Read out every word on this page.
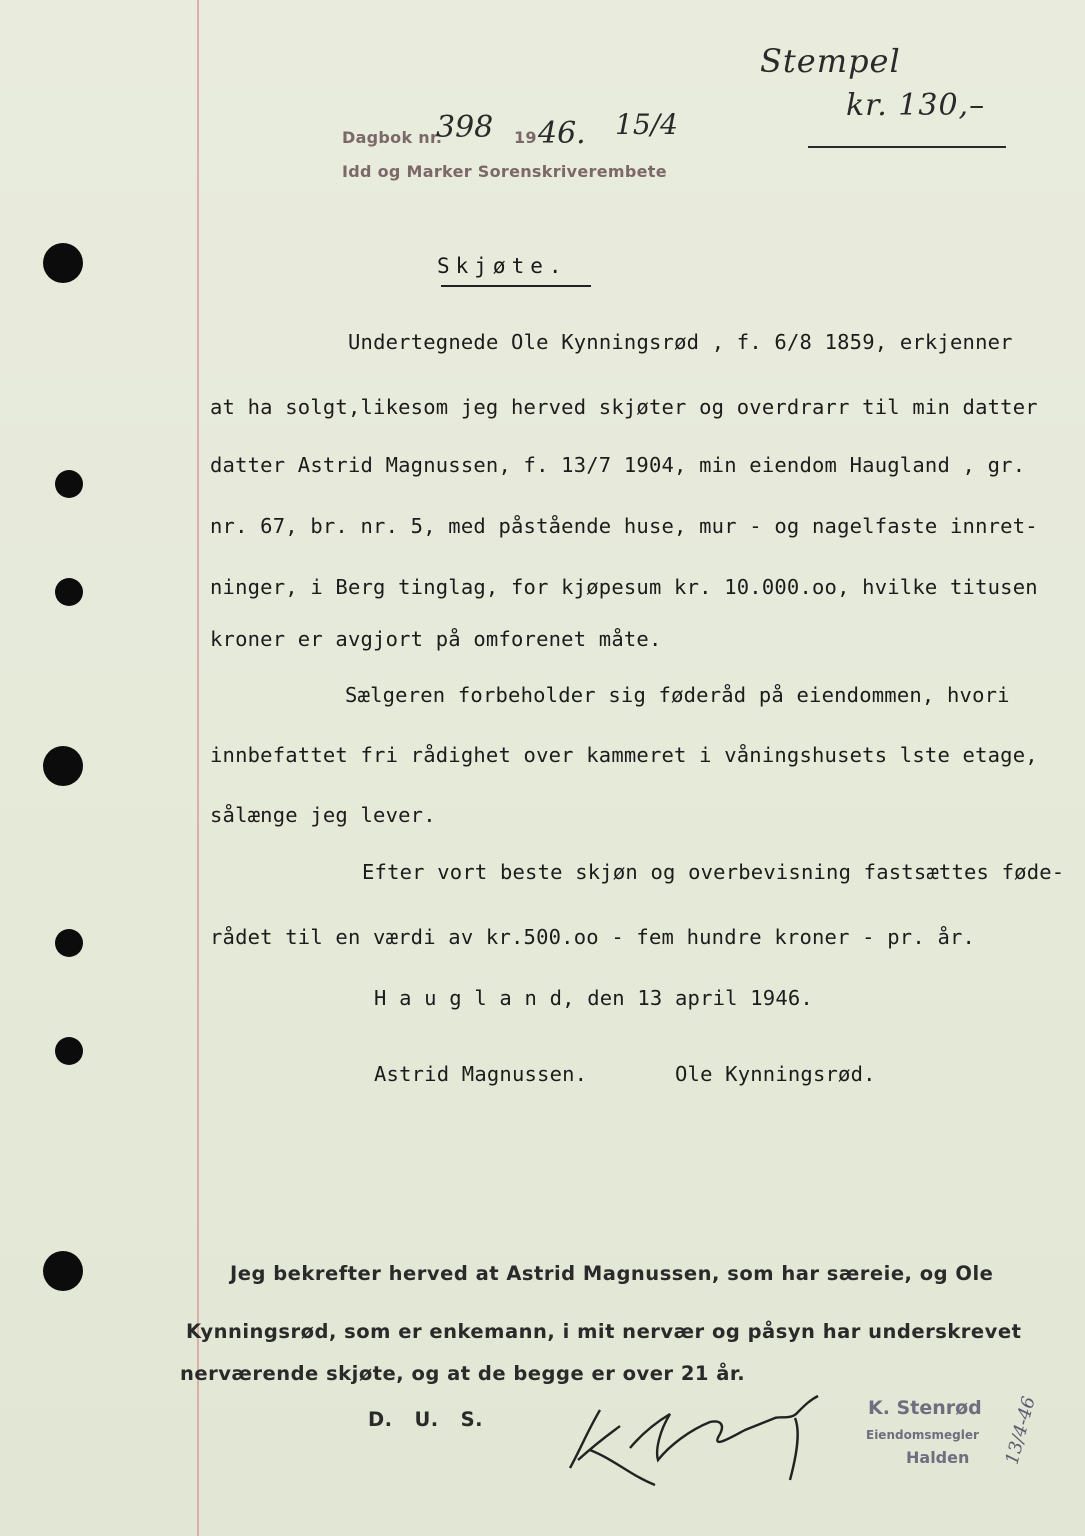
Dagbok nr.
398 19 46. 15/4
Idd og Marker Sorenskriverembete
Stempel
kr. 130,–
Skjøte.
Undertegnede Ole Kynningsrød , f. 6/8 1859, erkjenner
at ha solgt,likesom jeg herved skjøter og overdrarr til min datter
datter Astrid Magnussen, f. 13/7 1904, min eiendom Haugland , gr.
nr. 67, br. nr. 5, med påstående huse, mur - og nagelfaste innret-
ninger, i Berg tinglag, for kjøpesum kr. 10.000.oo, hvilke titusen
kroner er avgjort på omforenet måte.
Sælgeren forbeholder sig føderåd på eiendommen, hvori
innbefattet fri rådighet over kammeret i våningshusets lste etage,
sålænge jeg lever.
Efter vort beste skjøn og overbevisning fastsættes føde-
rådet til en værdi av kr.500.oo - fem hundre kroner - pr. år.
H a u g l a n d, den 13 april 1946.
Astrid Magnussen.       Ole Kynningsrød.
Jeg bekrefter herved at Astrid Magnussen, som har særeie, og Ole
Kynningsrød, som er enkemann, i mit nervær og påsyn har underskrevet
nerværende skjøte, og at de begge er over 21 år.
D.   U.   S.	K. Stenrød
Eiendomsmegler
Halden 13/4-46
